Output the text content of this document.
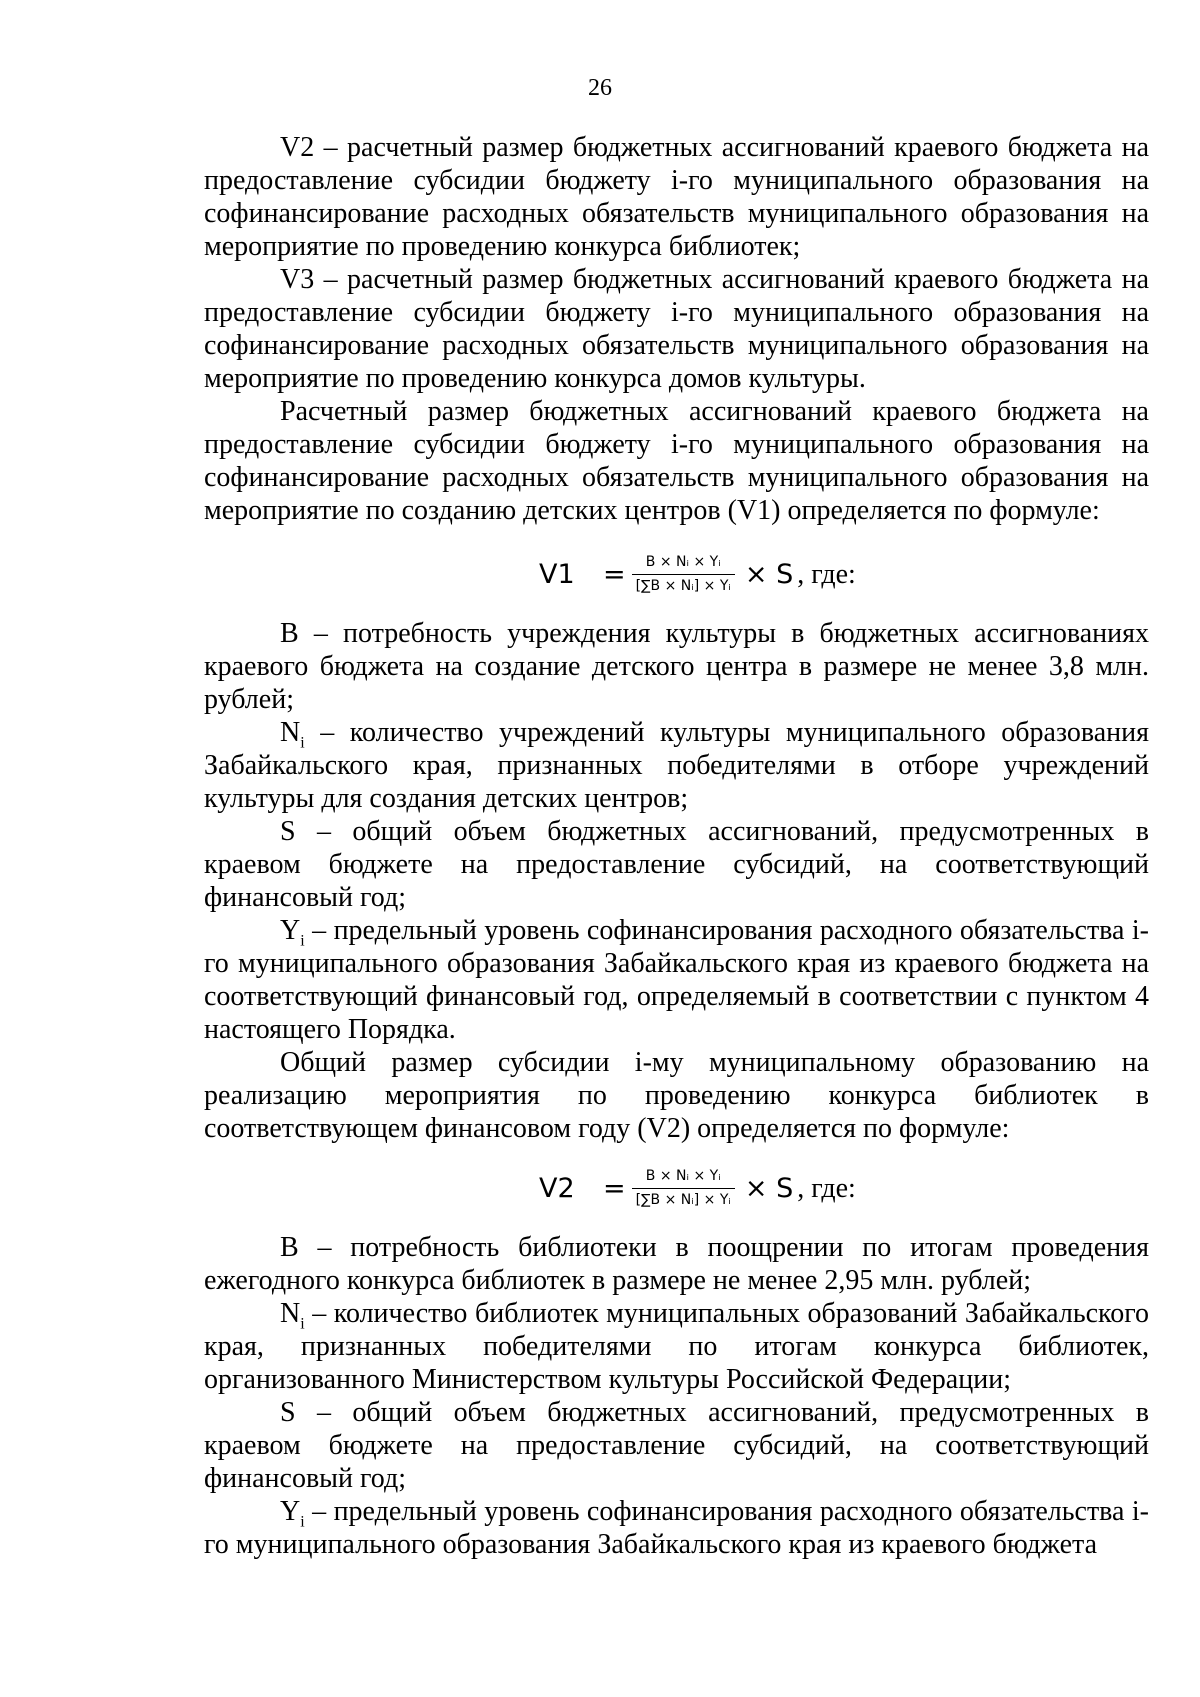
26

V2 – расчетный размер бюджетных ассигнований краевого бюджета на предоставление субсидии бюджету i-го муниципального образования на софинансирование расходных обязательств муниципального образования на мероприятие по проведению конкурса библиотек;

V3 – расчетный размер бюджетных ассигнований краевого бюджета на предоставление субсидии бюджету i-го муниципального образования на софинансирование расходных обязательств муниципального образования на мероприятие по проведению конкурса домов культуры.

Расчетный размер бюджетных ассигнований краевого бюджета на предоставление субсидии бюджету i-го муниципального образования на софинансирование расходных обязательств муниципального образования на мероприятие по созданию детских центров (V1) определяется по формуле:

V1	= $\frac{\text{B × Nᵢ × Yᵢ}}{\text{[∑B × Nᵢ] × Yᵢ}} \times S$ , где:

B – потребность учреждения культуры в бюджетных ассигнованиях краевого бюджета на создание детского центра в размере не менее 3,8 млн. рублей;

$N_i$ – количество учреждений культуры муниципального образования Забайкальского края, признанных победителями в отборе учреждений культуры для создания детских центров;

S – общий объем бюджетных ассигнований, предусмотренных в краевом бюджете на предоставление субсидий, на соответствующий финансовый год;

$Y_i$ – предельный уровень софинансирования расходного обязательства i-го муниципального образования Забайкальского края из краевого бюджета на соответствующий финансовый год, определяемый в соответствии с пунктом 4 настоящего Порядка.

Общий размер субсидии i-му муниципальному образованию на реализацию мероприятия по проведению конкурса библиотек в соответствующем финансовом году (V2) определяется по формуле:

V2	= $\frac{\text{B × Nᵢ × Yᵢ}}{\text{[∑B × Nᵢ] × Yᵢ}} \times S$ , где:

B – потребность библиотеки в поощрении по итогам проведения ежегодного конкурса библиотек в размере не менее 2,95 млн. рублей;

$N_i$ – количество библиотек муниципальных образований Забайкальского края, признанных победителями по итогам конкурса библиотек, организованного Министерством культуры Российской Федерации;

S – общий объем бюджетных ассигнований, предусмотренных в краевом бюджете на предоставление субсидий, на соответствующий финансовый год;

$Y_i$ – предельный уровень софинансирования расходного обязательства i-го муниципального образования Забайкальского края из краевого бюджета
